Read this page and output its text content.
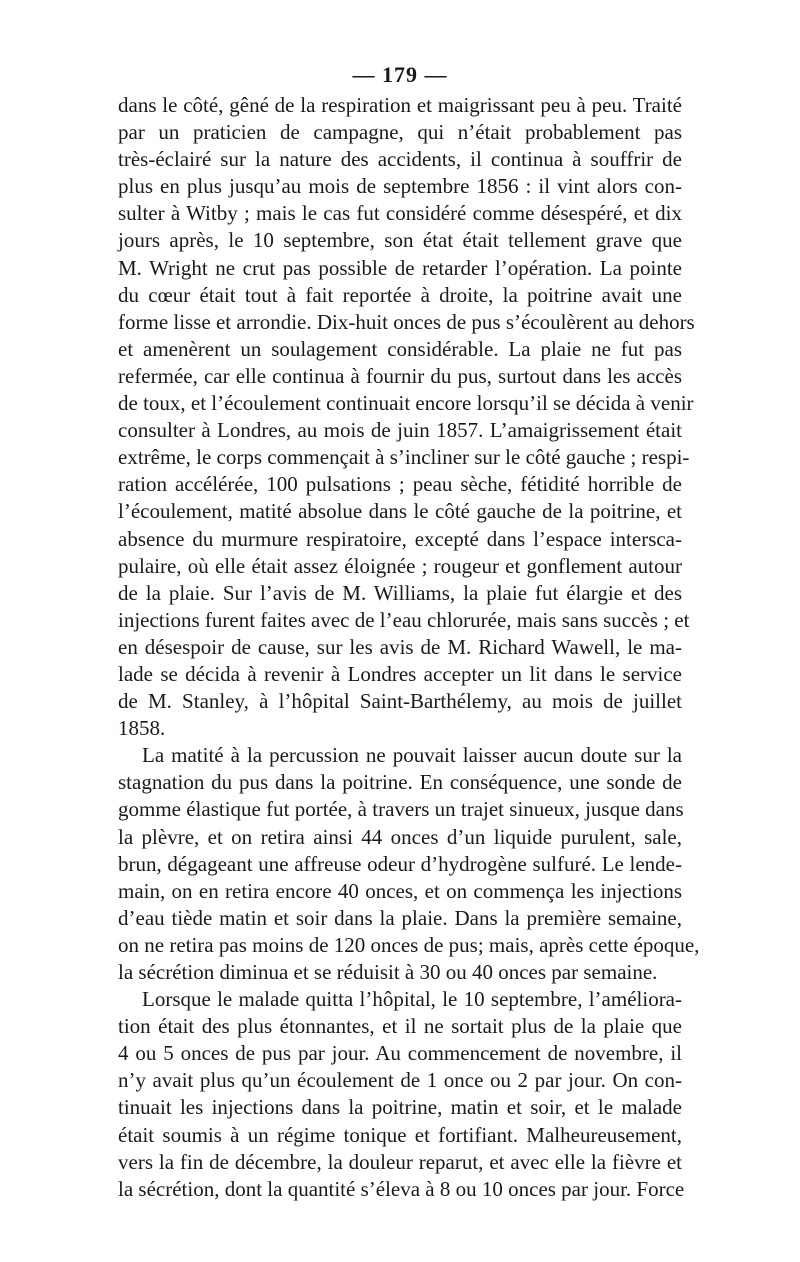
— 179 —
dans le côté, gêné de la respiration et maigrissant peu à peu. Traité
par un praticien de campagne, qui n’était probablement pas
très-éclairé sur la nature des accidents, il continua à souffrir de
plus en plus jusqu’au mois de septembre 1856 : il vint alors con-
sulter à Witby ; mais le cas fut considéré comme désespéré, et dix
jours après, le 10 septembre, son état était tellement grave que
M. Wright ne crut pas possible de retarder l’opération. La pointe
du cœur était tout à fait reportée à droite, la poitrine avait une
forme lisse et arrondie. Dix-huit onces de pus s’écoulèrent au dehors
et amenèrent un soulagement considérable. La plaie ne fut pas
refermée, car elle continua à fournir du pus, surtout dans les accès
de toux, et l’écoulement continuait encore lorsqu’il se décida à venir
consulter à Londres, au mois de juin 1857. L’amaigrissement était
extrême, le corps commençait à s’incliner sur le côté gauche ; respi-
ration accélérée, 100 pulsations ; peau sèche, fétidité horrible de
l’écoulement, matité absolue dans le côté gauche de la poitrine, et
absence du murmure respiratoire, excepté dans l’espace intersca-
pulaire, où elle était assez éloignée ; rougeur et gonflement autour
de la plaie. Sur l’avis de M. Williams, la plaie fut élargie et des
injections furent faites avec de l’eau chlorurée, mais sans succès ; et
en désespoir de cause, sur les avis de M. Richard Wawell, le ma-
lade se décida à revenir à Londres accepter un lit dans le service
de M. Stanley, à l’hôpital Saint-Barthélemy, au mois de juillet
1858.
La matité à la percussion ne pouvait laisser aucun doute sur la
stagnation du pus dans la poitrine. En conséquence, une sonde de
gomme élastique fut portée, à travers un trajet sinueux, jusque dans
la plèvre, et on retira ainsi 44 onces d’un liquide purulent, sale,
brun, dégageant une affreuse odeur d’hydrogène sulfuré. Le lende-
main, on en retira encore 40 onces, et on commença les injections
d’eau tiède matin et soir dans la plaie. Dans la première semaine,
on ne retira pas moins de 120 onces de pus; mais, après cette époque,
la sécrétion diminua et se réduisit à 30 ou 40 onces par semaine.
Lorsque le malade quitta l’hôpital, le 10 septembre, l’améliora-
tion était des plus étonnantes, et il ne sortait plus de la plaie que
4 ou 5 onces de pus par jour. Au commencement de novembre, il
n’y avait plus qu’un écoulement de 1 once ou 2 par jour. On con-
tinuait les injections dans la poitrine, matin et soir, et le malade
était soumis à un régime tonique et fortifiant. Malheureusement,
vers la fin de décembre, la douleur reparut, et avec elle la fièvre et
la sécrétion, dont la quantité s’éleva à 8 ou 10 onces par jour. Force
